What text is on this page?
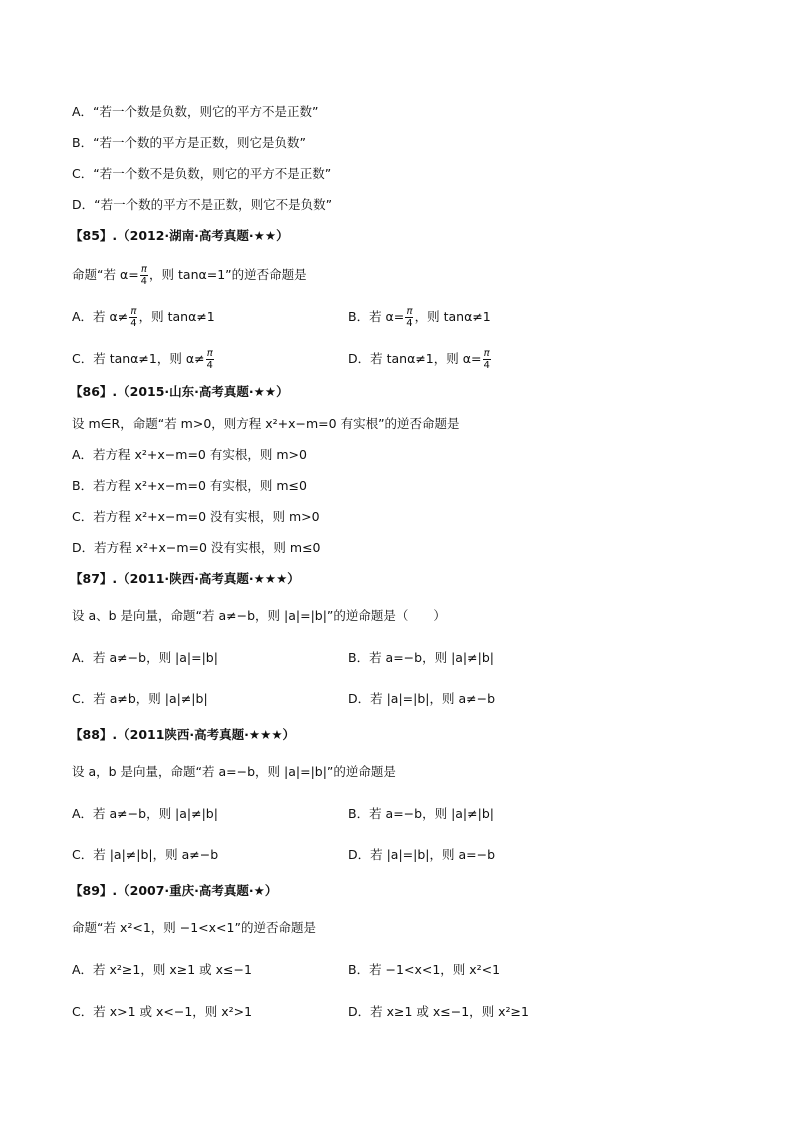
A．“若一个数是负数，则它的平方不是正数”
B．“若一个数的平方是正数，则它是负数”
C．“若一个数不是负数，则它的平方不是正数”
D．“若一个数的平方不是正数，则它不是负数”
【85】.（2012·湖南·高考真题·★★）
命题“若 $\alpha= \frac{\pi}{4}$ ，则 tanα=1”的逆否命题是
A．若 $\alpha\ne \frac{\pi}{4}$ ，则 tanα≠1	B．若 $\alpha= \frac{\pi}{4}$ ，则 tanα≠1
C．若 tanα≠1，则 $\alpha\ne \frac{\pi}{4}$	D．若 tanα≠1，则 $\alpha= \frac{\pi}{4}$
【86】.（2015·山东·高考真题·★★）
设 m∈R，命题“若 m>0，则方程 x²+x−m=0 有实根”的逆否命题是
A．若方程 x²+x−m=0 有实根，则 m>0
B．若方程 x²+x−m=0 有实根，则 m≤0
C．若方程 x²+x−m=0 没有实根，则 m>0
D．若方程 x²+x−m=0 没有实根，则 m≤0
【87】.（2011·陕西·高考真题·★★★）
设 a、b 是向量，命题“若 a≠−b，则 |a|=|b|”的逆命题是（　　）
A．若 a≠−b，则 |a|=|b|	B．若 a=−b，则 |a|≠|b|
C．若 a≠b，则 |a|≠|b|	D．若 |a|=|b|，则 a≠−b
【88】.（2011陕西·高考真题·★★★）
设 a，b 是向量，命题“若 a=−b，则 |a|=|b|”的逆命题是
A．若 a≠−b，则 |a|≠|b|	B．若 a=−b，则 |a|≠|b|
C．若 |a|≠|b|，则 a≠−b	D．若 |a|=|b|，则 a=−b
【89】.（2007·重庆·高考真题·★）
命题“若 x²<1，则 −1<x<1”的逆否命题是
A．若 x²≥1，则 x≥1 或 x≤−1	B．若 −1<x<1，则 x²<1
C．若 x>1 或 x<−1，则 x²>1	D．若 x≥1 或 x≤−1，则 x²≥1
